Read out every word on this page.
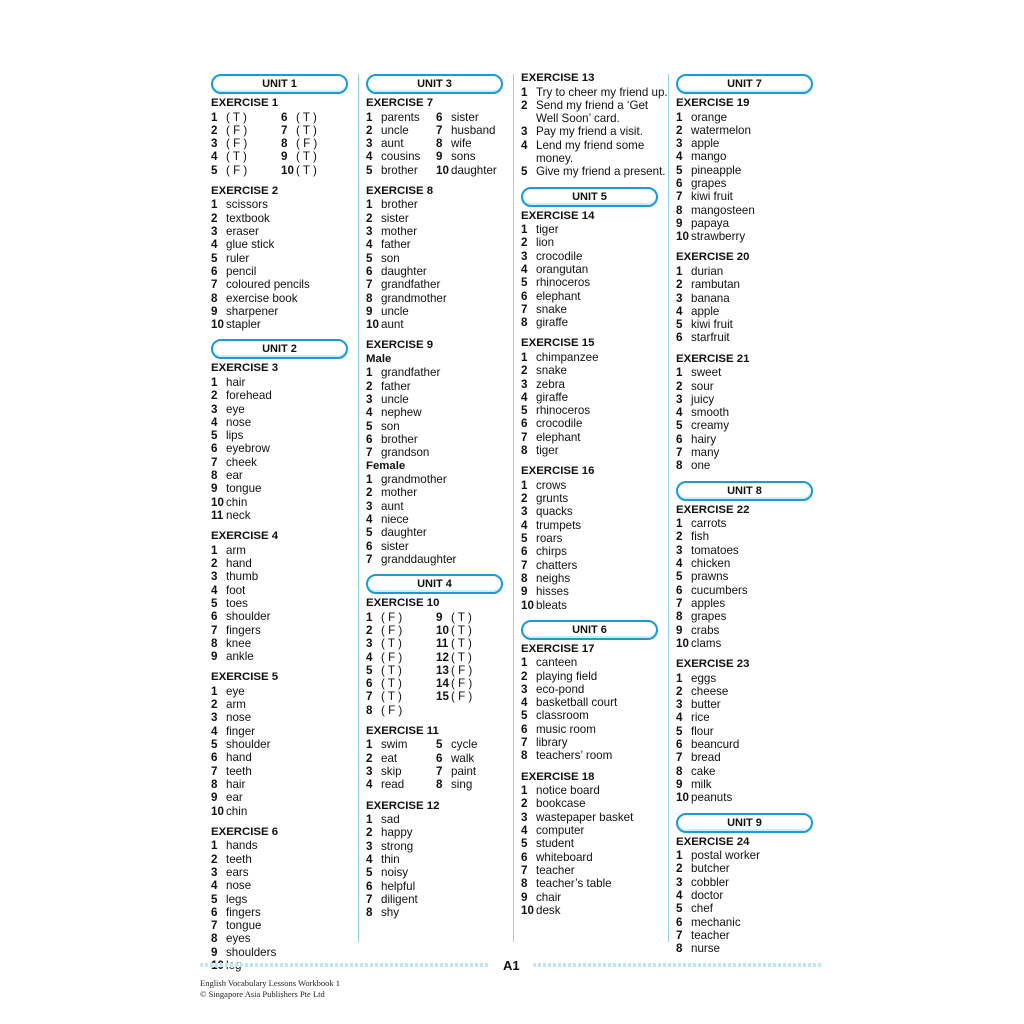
UNIT 1
EXERCISE 1
1 ( T )	6 ( T )
2 ( F )	7 ( T )
3 ( F )	8 ( F )
4 ( T )	9 ( T )
5 ( F )	10 ( T )
EXERCISE 2
1 scissors
2 textbook
3 eraser
4 glue stick
5 ruler
6 pencil
7 coloured pencils
8 exercise book
9 sharpener
10 stapler
UNIT 2
EXERCISE 3
1 hair
2 forehead
3 eye
4 nose
5 lips
6 eyebrow
7 cheek
8 ear
9 tongue
10 chin
11 neck
EXERCISE 4
1 arm
2 hand
3 thumb
4 foot
5 toes
6 shoulder
7 fingers
8 knee
9 ankle
EXERCISE 5
1 eye
2 arm
3 nose
4 finger
5 shoulder
6 hand
7 teeth
8 hair
9 ear
10 chin
EXERCISE 6
1 hands
2 teeth
3 ears
4 nose
5 legs
6 fingers
7 tongue
8 eyes
9 shoulders
UNIT 3
EXERCISE 7
1 parents 6 sister
2 uncle 7 husband
3 aunt	8 wife
4 cousins 9 sons
5 brother 10 daughter
EXERCISE 8
1 brother
2 sister
3 mother
4 father
5 son
6 daughter
7 grandfather
8 grandmother
9 uncle
10 aunt
EXERCISE 9
Male
1 grandfather
2 father
3 uncle
4 nephew
5 son
6 brother
7 grandson
Female
1 grandmother
2 mother
3 aunt
4 niece
5 daughter
6 sister
7 granddaughter
UNIT 4
EXERCISE 10
1 ( F )	9 ( T )
2 ( F )	10 ( T )
3 ( T )	11 ( T )
4 ( F )	12 ( T )
5 ( T )	13 ( F )
6 ( T )	14 ( F )
7 ( T )	15 ( F )
8 ( F )
EXERCISE 11
1 swim 5 cycle
2 eat	6 walk
3 skip	7 paint
4 read	8 sing
EXERCISE 12
1 sad
2 happy
3 strong
4 thin
5 noisy
6 helpful
7 diligent
8 shy
EXERCISE 13
1 Try to cheer my friend up.
2 Send my friend a ‘Get Well Soon’ card.
3 Pay my friend a visit.
4 Lend my friend some money.
5 Give my friend a present.
UNIT 5
EXERCISE 14
1 tiger
2 lion
3 crocodile
4 orangutan
5 rhinoceros
6 elephant
7 snake
8 giraffe
EXERCISE 15
1 chimpanzee
2 snake
3 zebra
4 giraffe
5 rhinoceros
6 crocodile
7 elephant
8 tiger
EXERCISE 16
1 crows
2 grunts
3 quacks
4 trumpets
5 roars
6 chirps
7 chatters
8 neighs
9 hisses
10 bleats
UNIT 6
EXERCISE 17
1 canteen
2 playing field
3 eco-pond
4 basketball court
5 classroom
6 music room
7 library
8 teachers’ room
EXERCISE 18
1 notice board
2 bookcase
3 wastepaper basket
4 computer
5 student
6 whiteboard
7 teacher
8 teacher’s table
9 chair
10 desk
UNIT 7
EXERCISE 19
1 orange
2 watermelon
3 apple
4 mango
5 pineapple
6 grapes
7 kiwi fruit
8 mangosteen
9 papaya
10 strawberry
EXERCISE 20
1 durian
2 rambutan
3 banana
4 apple
5 kiwi fruit
6 starfruit
EXERCISE 21
1 sweet
2 sour
3 juicy
4 smooth
5 creamy
6 hairy
7 many
8 one
UNIT 8
EXERCISE 22
1 carrots
2 fish
3 tomatoes
4 chicken
5 prawns
6 cucumbers
7 apples
8 grapes
9 crabs
10 clams
EXERCISE 23
1 eggs
2 cheese
3 butter
4 rice
5 flour
6 beancurd
7 bread
8 cake
9 milk
10 peanuts
UNIT 9
EXERCISE 24
1 postal worker
2 butcher
3 cobbler
4 doctor
5 chef
6 mechanic
7 teacher
8 nurse
A1
English Vocabulary Lessons Workbook 1
© Singapore Asia Publishers Pte Ltd
